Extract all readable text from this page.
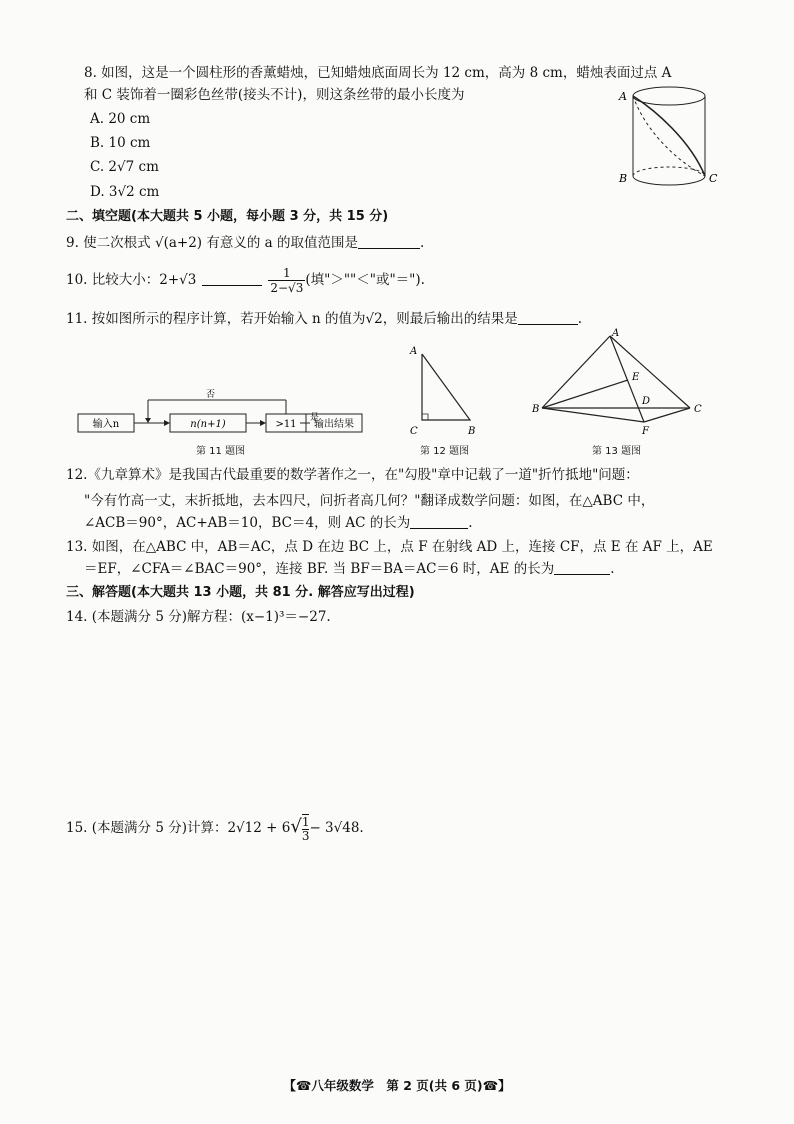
8. 如图，这是一个圆柱形的香薰蜡烛，已知蜡烛底面周长为 12 cm，高为 8 cm，蜡烛表面过点 A
和 C 装饰着一圈彩色丝带(接头不计)，则这条丝带的最小长度为
A. 20 cm
B. 10 cm
C. 2√7 cm
D. 3√2 cm
A
B	C
二、填空题(本大题共 5 小题，每小题 3 分，共 15 分)
9. 使二次根式 √(a+2) 有意义的 a 的取值范围是	.
10. 比较大小：2+√3	$\frac{1}{2-√3}$ (填"＞""＜"或"＝").
11. 按如图所示的程序计算，若开始输入 n 的值为√2，则最后输出的结果是	.
输入n	n(n+1)	>11
是
否
输出结果
第 11 题图
A
C	B
第 12 题图
A
E
D
B	C
F
第 13 题图
12.《九章算术》是我国古代最重要的数学著作之一，在"勾股"章中记载了一道"折竹抵地"问题：
"今有竹高一丈，末折抵地，去本四尺，问折者高几何？"翻译成数学问题：如图，在△ABC 中，
∠ACB＝90°，AC+AB＝10，BC＝4，则 AC 的长为	.
13. 如图，在△ABC 中，AB＝AC，点 D 在边 BC 上，点 F 在射线 AD 上，连接 CF，点 E 在 AF 上，AE
＝EF，∠CFA＝∠BAC＝90°，连接 BF. 当 BF＝BA＝AC＝6 时，AE 的长为	.
三、解答题(本大题共 13 小题，共 81 分. 解答应写出过程)
14. (本题满分 5 分)解方程：(x−1)³＝−27.
15. (本题满分 5 分)计算：$2√12 + 6√ \frac{1}{3} - 3√48$.
【☎八年级数学　第 2 页(共 6 页)☎】
